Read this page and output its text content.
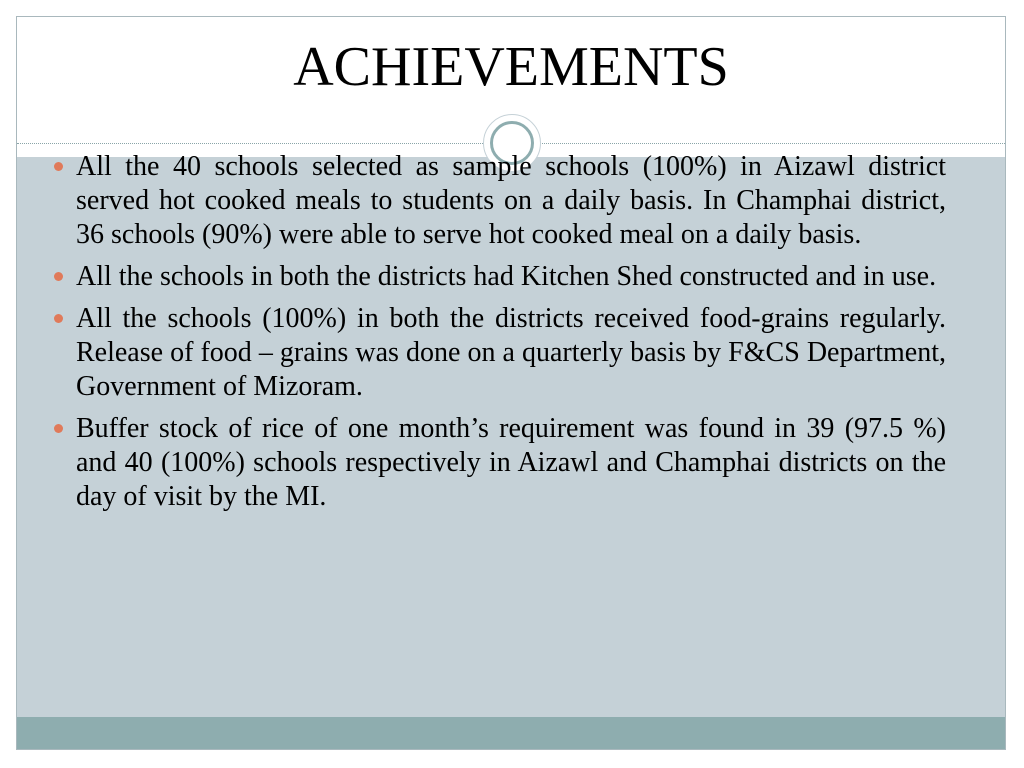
ACHIEVEMENTS
All the 40 schools selected as sample schools (100%) in Aizawl district served hot cooked meals to students on a daily basis. In Champhai district, 36 schools (90%) were able to serve hot cooked meal on a daily basis.
All the schools in both the districts had Kitchen Shed constructed and in use.
All the schools (100%) in both the districts received food-grains regularly. Release of food – grains was done on a quarterly basis by F&CS Department, Government of Mizoram.
Buffer stock of rice of one month’s requirement was found in 39 (97.5 %) and 40 (100%) schools respectively in Aizawl and Champhai districts on the day of visit by the MI.
